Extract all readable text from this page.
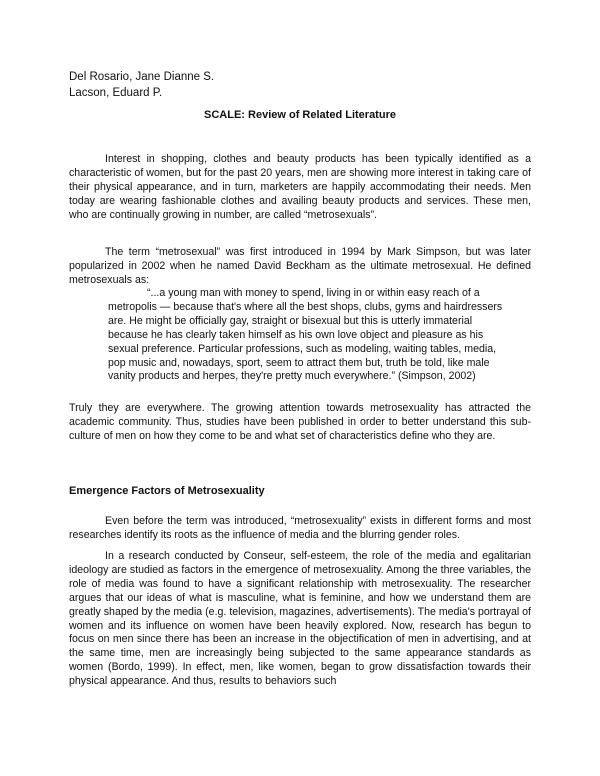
Del Rosario, Jane Dianne S.
Lacson, Eduard P.
SCALE: Review of Related Literature

Interest in shopping, clothes and beauty products has been typically identified as a characteristic of women, but for the past 20 years, men are showing more interest in taking care of their physical appearance, and in turn, marketers are happily accommodating their needs. Men today are wearing fashionable clothes and availing beauty products and services. These men, who are continually growing in number, are called “metrosexuals”.

The term “metrosexual” was first introduced in 1994 by Mark Simpson, but was later popularized in 2002 when he named David Beckham as the ultimate metrosexual. He defined metrosexuals as:

“...a young man with money to spend, living in or within easy reach of a metropolis — because that's where all the best shops, clubs, gyms and hairdressers are. He might be officially gay, straight or bisexual but this is utterly immaterial because he has clearly taken himself as his own love object and pleasure as his sexual preference. Particular professions, such as modeling, waiting tables, media, pop music and, nowadays, sport, seem to attract them but, truth be told, like male vanity products and herpes, they're pretty much everywhere.” (Simpson, 2002)

Truly they are everywhere. The growing attention towards metrosexuality has attracted the academic community. Thus, studies have been published in order to better understand this sub-culture of men on how they come to be and what set of characteristics define who they are.

Emergence Factors of Metrosexuality

Even before the term was introduced, “metrosexuality” exists in different forms and most researches identify its roots as the influence of media and the blurring gender roles.

In a research conducted by Conseur, self-esteem, the role of the media and egalitarian ideology are studied as factors in the emergence of metrosexuality. Among the three variables, the role of media was found to have a significant relationship with metrosexuality. The researcher argues that our ideas of what is masculine, what is feminine, and how we understand them are greatly shaped by the media (e.g. television, magazines, advertisements). The media's portrayal of women and its influence on women have been heavily explored. Now, research has begun to focus on men since there has been an increase in the objectification of men in advertising, and at the same time, men are increasingly being subjected to the same appearance standards as women (Bordo, 1999). In effect, men, like women, began to grow dissatisfaction towards their physical appearance. And thus, results to behaviors such
